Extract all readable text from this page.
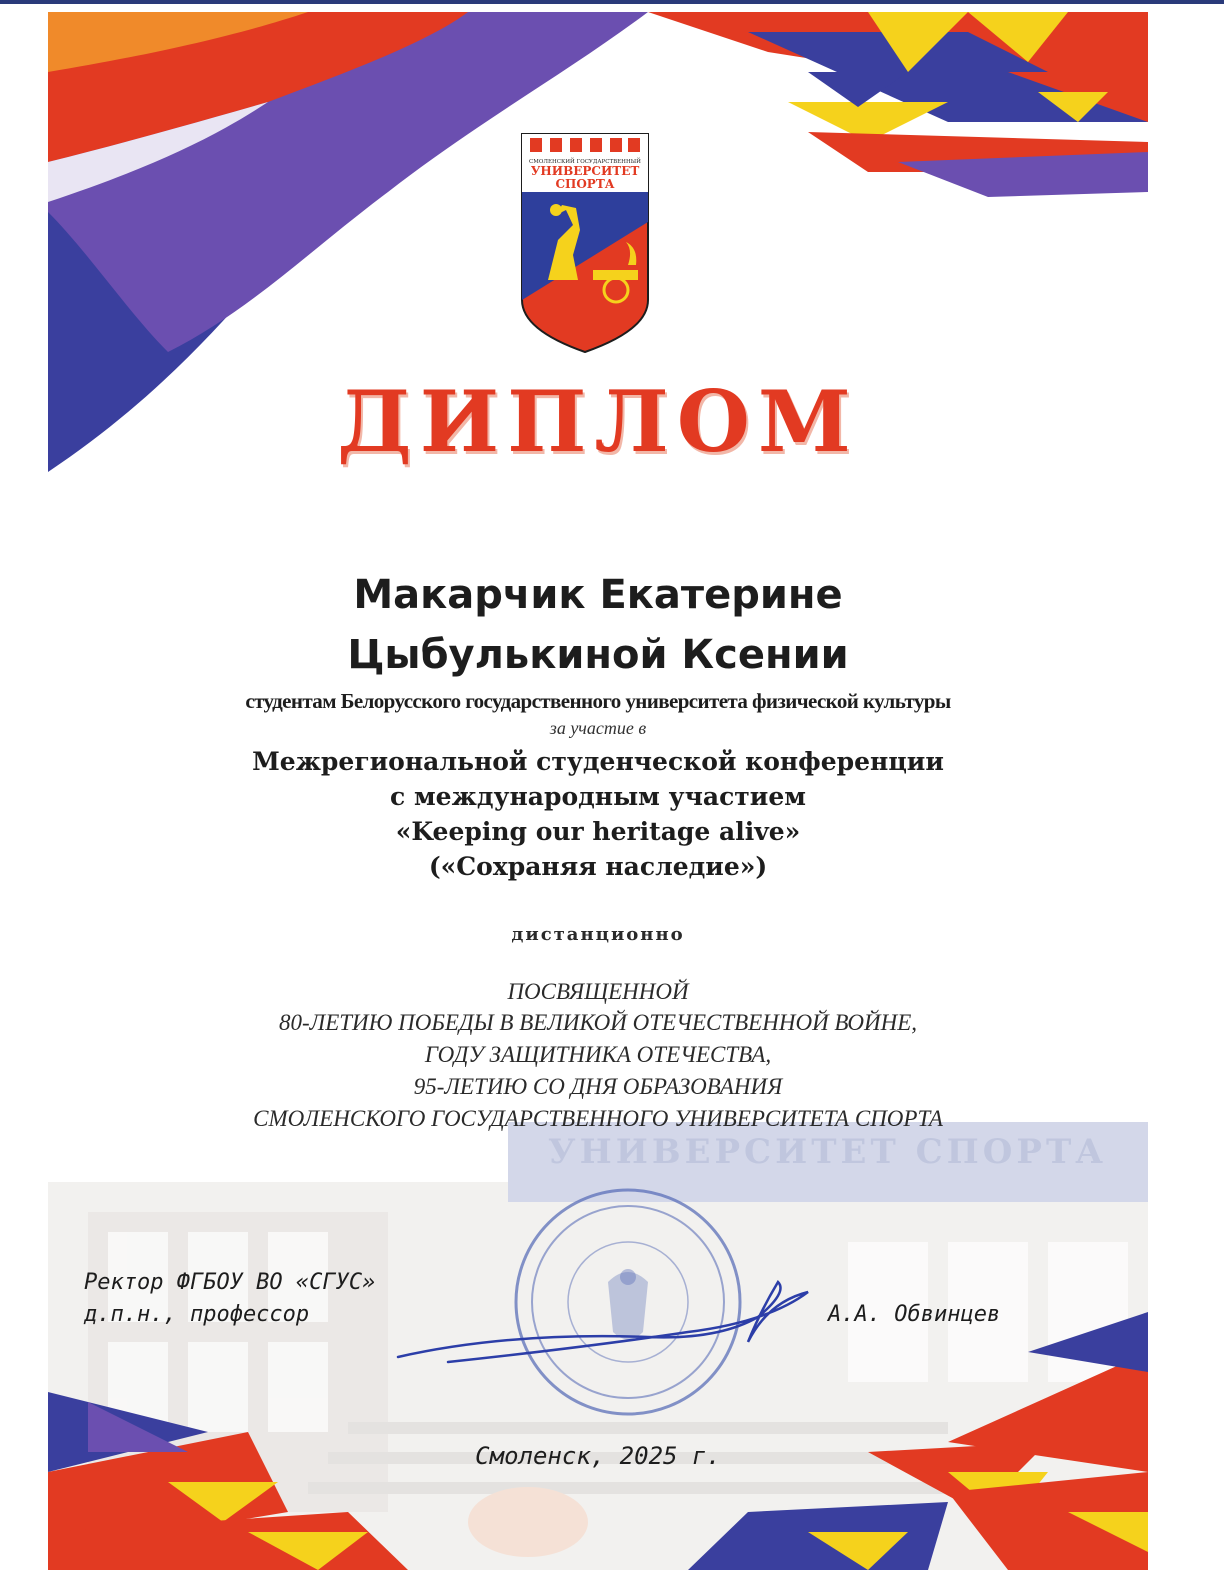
УНИВЕРСИТЕТ СПОРТА
СМОЛЕНСКИЙ ГОСУДАРСТВЕННЫЙ
УНИВЕРСИТЕТ
СПОРТА
ДИПЛОМ
Макарчик Екатерине
Цыбулькиной Ксении
студентам Белорусского государственного университета физической культуры
за участие в
Межрегиональной студенческой конференции
с международным участием
«Keeping our heritage alive»
(«Сохраняя наследие»)
дистанционно
ПОСВЯЩЕННОЙ
80-ЛЕТИЮ ПОБЕДЫ В ВЕЛИКОЙ ОТЕЧЕСТВЕННОЙ ВОЙНЕ,
ГОДУ ЗАЩИТНИКА ОТЕЧЕСТВА,
95-ЛЕТИЮ СО ДНЯ ОБРАЗОВАНИЯ
СМОЛЕНСКОГО ГОСУДАРСТВЕННОГО УНИВЕРСИТЕТА СПОРТА
Ректор ФГБОУ ВО «СГУС»
д.п.н., профессор	А.А. Обвинцев
Смоленск, 2025 г.
